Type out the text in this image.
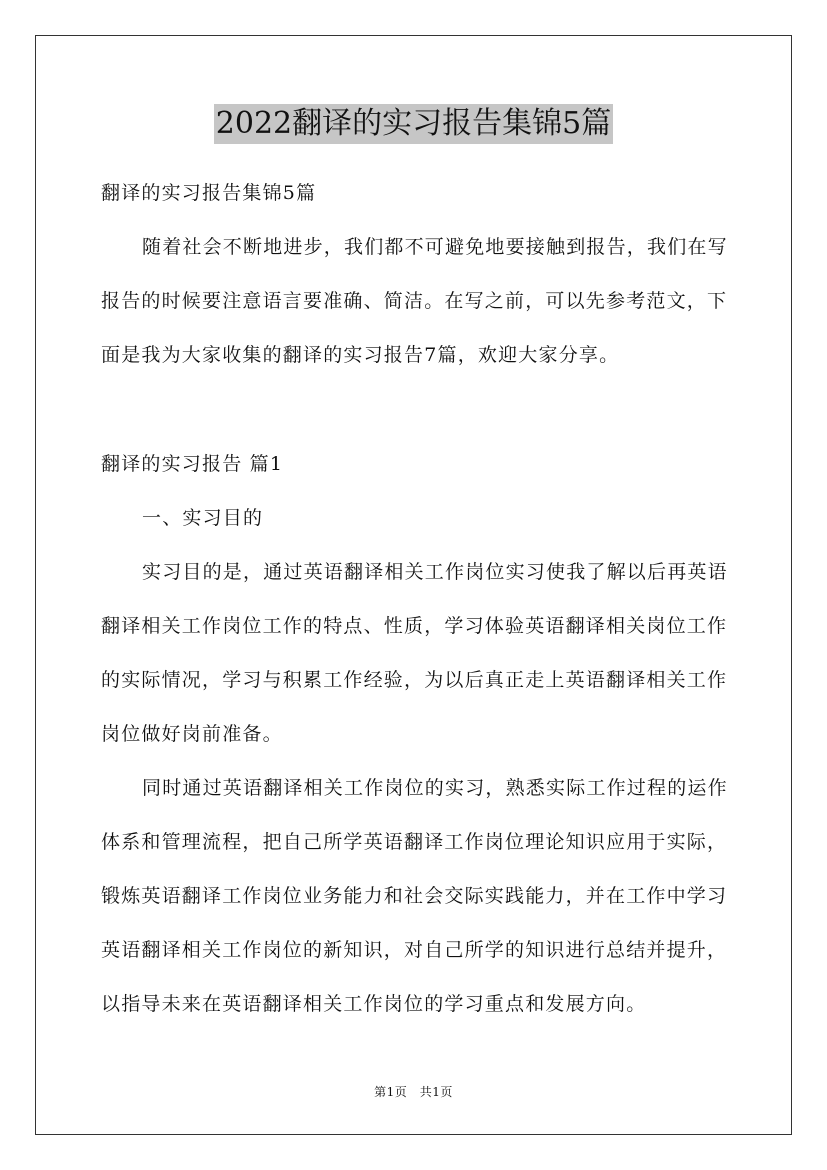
2022翻译的实习报告集锦5篇

翻译的实习报告集锦5篇

随着社会不断地进步，我们都不可避免地要接触到报告，我们在写报告的时候要注意语言要准确、简洁。在写之前，可以先参考范文，下面是我为大家收集的翻译的实习报告7篇，欢迎大家分享。

翻译的实习报告 篇1

一、实习目的

实习目的是，通过英语翻译相关工作岗位实习使我了解以后再英语翻译相关工作岗位工作的特点、性质，学习体验英语翻译相关岗位工作的实际情况，学习与积累工作经验，为以后真正走上英语翻译相关工作岗位做好岗前准备。

同时通过英语翻译相关工作岗位的实习，熟悉实际工作过程的运作体系和管理流程，把自己所学英语翻译工作岗位理论知识应用于实际，锻炼英语翻译工作岗位业务能力和社会交际实践能力，并在工作中学习英语翻译相关工作岗位的新知识，对自己所学的知识进行总结并提升，以指导未来在英语翻译相关工作岗位的学习重点和发展方向。

第1页　共1页
